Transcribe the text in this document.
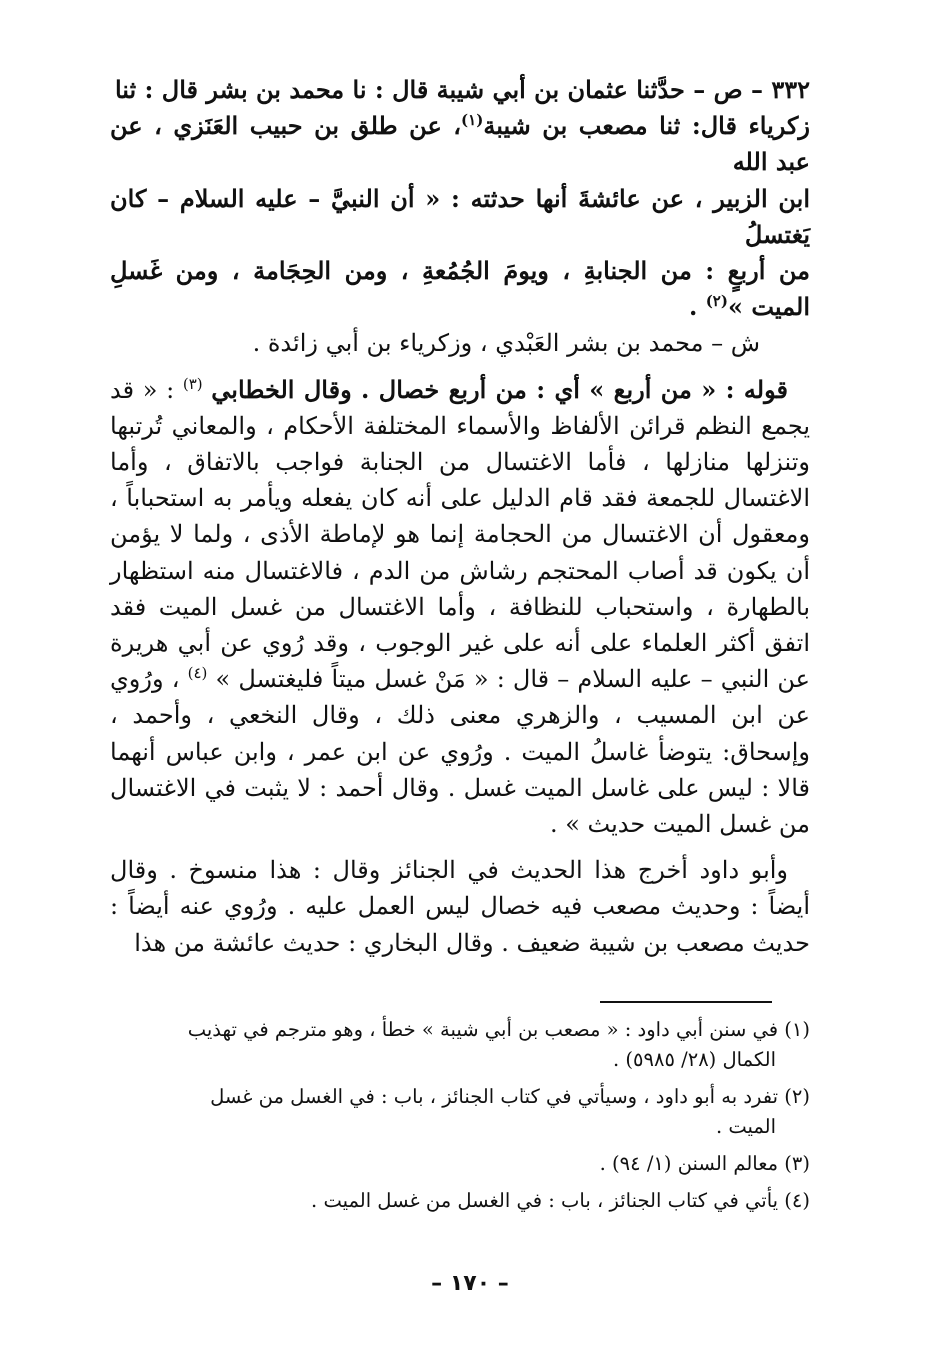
٣٣٢ – ص – حدَّثنا عثمان بن أبي شيبة قال : نا محمد بن بشر قال : ثنا
زكرياء قال: ثنا مصعب بن شيبة$^{(١)}$، عن طلق بن حبيب العَنَزي ، عن عبد الله
ابن الزبير ، عن عائشةَ أنها حدثته : « أن النبيَّ – عليه السلام – كان يَغتسلُ
من أربعٍ : من الجنابةِ ، ويومَ الجُمُعةِ ، ومن الحِجَامة ، ومن غَسلِ الميت »$^{(٢)}$ .
ش – محمد بن بشر العَبْدي ، وزكرياء بن أبي زائدة .

قوله : « من أربع » أي : من أربع خصال . وقال الخطابي $^{(٣)}$ : « قد يجمع النظم قرائن الألفاظ والأسماء المختلفة الأحكام ، والمعاني تُرتبها وتنزلها منازلها ، فأما الاغتسال من الجنابة فواجب بالاتفاق ، وأما الاغتسال للجمعة فقد قام الدليل على أنه كان يفعله ويأمر به استحباباً ، ومعقول أن الاغتسال من الحجامة إنما هو لإماطة الأذى ، ولما لا يؤمن أن يكون قد أصاب المحتجم رشاش من الدم ، فالاغتسال منه استظهار بالطهارة ، واستحباب للنظافة ، وأما الاغتسال من غسل الميت فقد اتفق أكثر العلماء على أنه على غير الوجوب ، وقد رُوي عن أبي هريرة عن النبي – عليه السلام – قال : « مَنْ غسل ميتاً فليغتسل » $^{(٤)}$ ، ورُوي عن ابن المسيب ، والزهري معنى ذلك ، وقال النخعي ، وأحمد ، وإسحاق: يتوضأ غاسلُ الميت . ورُوي عن ابن عمر ، وابن عباس أنهما قالا : ليس على غاسل الميت غسل . وقال أحمد : لا يثبت في الاغتسال من غسل الميت حديث » .

وأبو داود أخرج هذا الحديث في الجنائز وقال : هذا منسوخ . وقال أيضاً : وحديث مصعب فيه خصال ليس العمل عليه . ورُوي عنه أيضاً : حديث مصعب بن شيبة ضعيف . وقال البخاري : حديث عائشة من هذا

(١) في سنن أبي داود : « مصعب بن أبي شيبة » خطأ ، وهو مترجم في تهذيب
الكمال (٢٨/ ٥٩٨٥) .
(٢) تفرد به أبو داود ، وسيأتي في كتاب الجنائز ، باب : في الغسل من غسل
الميت .
(٣) معالم السنن (١/ ٩٤) .
(٤) يأتي في كتاب الجنائز ، باب : في الغسل من غسل الميت .
– ١٧٠ –
